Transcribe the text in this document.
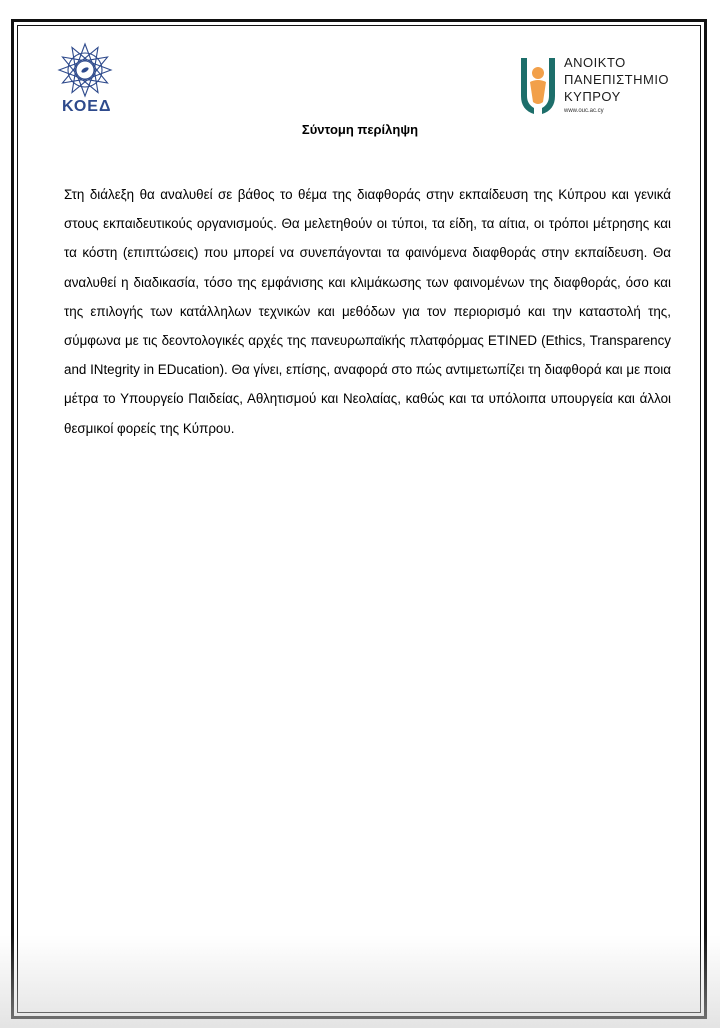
ΚΟΕΔ
ΑΝΟΙΚΤΟ
ΠΑΝΕΠΙΣΤΗΜΙΟ
ΚΥΠΡΟΥ
www.ouc.ac.cy
Σύντομη περίληψη
Στη διάλεξη θα αναλυθεί σε βάθος το θέμα της διαφθοράς στην εκπαίδευση της Κύπρου και γενικά στους εκπαιδευτικούς οργανισμούς. Θα μελετηθούν οι τύποι, τα είδη, τα αίτια, οι τρόποι μέτρησης και τα κόστη (επιπτώσεις) που μπορεί να συνεπάγονται τα φαινόμενα διαφθοράς στην εκπαίδευση. Θα αναλυθεί η διαδικασία, τόσο της εμφάνισης και κλιμάκωσης των φαινομένων της διαφθοράς, όσο και της επιλογής των κατάλληλων τεχνικών και μεθόδων για τον περιορισμό και την καταστολή της, σύμφωνα με τις δεοντολογικές αρχές της πανευρωπαϊκής πλατφόρμας ETINED (Ethics, Transparency and INtegrity in EDucation). Θα γίνει, επίσης, αναφορά στο πώς αντιμετωπίζει τη διαφθορά και με ποια μέτρα το Υπουργείο Παιδείας, Αθλητισμού και Νεολαίας, καθώς και τα υπόλοιπα υπουργεία και άλλοι θεσμικοί φορείς της Κύπρου.
